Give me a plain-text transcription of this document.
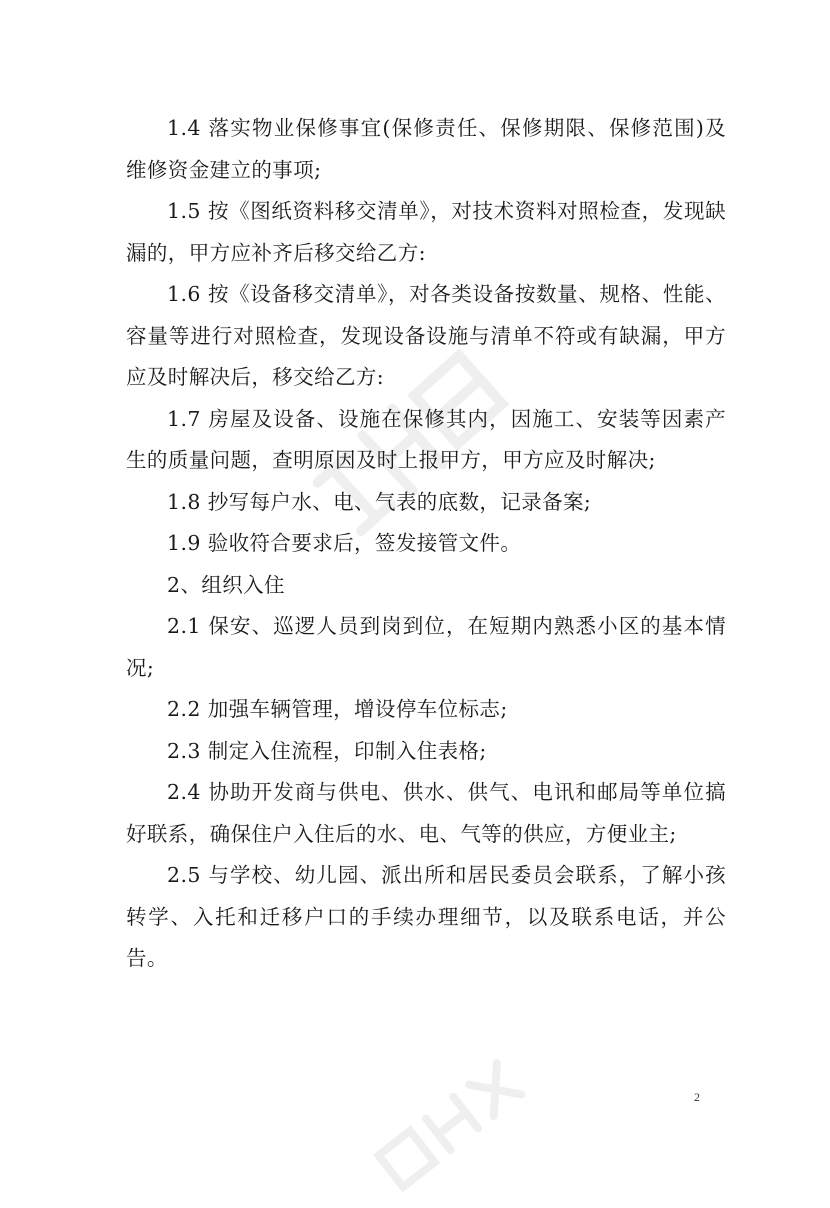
1.4 落实物业保修事宜(保修责任、保修期限、保修范围)及维修资金建立的事项;

1.5 按《图纸资料移交清单》，对技术资料对照检查，发现缺漏的，甲方应补齐后移交给乙方:

1.6 按《设备移交清单》，对各类设备按数量、规格、性能、容量等进行对照检查，发现设备设施与清单不符或有缺漏，甲方应及时解决后，移交给乙方:

1.7 房屋及设备、设施在保修其内，因施工、安装等因素产生的质量问题，查明原因及时上报甲方，甲方应及时解决;

1.8 抄写每户水、电、气表的底数，记录备案;

1.9 验收符合要求后，签发接管文件。

2、组织入住

2.1 保安、巡逻人员到岗到位，在短期内熟悉小区的基本情况;

2.2 加强车辆管理，增设停车位标志;

2.3 制定入住流程，印制入住表格;

2.4 协助开发商与供电、供水、供气、电讯和邮局等单位搞好联系，确保住户入住后的水、电、气等的供应，方便业主;

2.5 与学校、幼儿园、派出所和居民委员会联系，了解小孩转学、入托和迁移户口的手续办理细节，以及联系电话，并公告。

2
